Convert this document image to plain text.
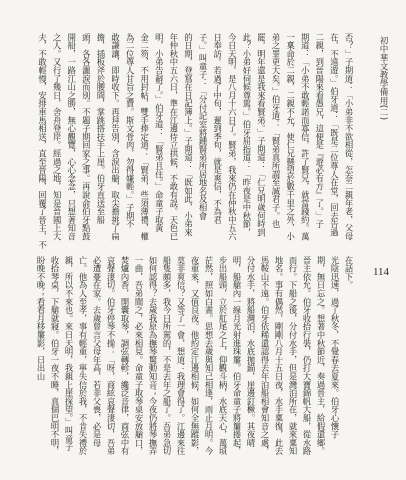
初中華文教學備用(二)
114
否？」子期道：「小弟非不欲相從，怎奈二親年老，父母
在，不遠遊。」伯牙道：「既是二位尊人在堂，回去告過
二親，到晉陽來看愚兄，這便是『遊必有方』了。」子
期道：「小弟不敢輕諾而寡信，許了賢兄，就當踐約。萬
一稟命於二親，二親不允，使仁兄懸望於數千里之外，小
弟之罪更大矣。」伯牙道：「賢弟真所謂至誠君子。也
罷，明年還是我來看賢弟。」子期道：「仁兄明歲何時到
此？小弟好伺候尊駕。」伯牙屈指道：「昨夜是中秋節，
今日天明，是八月十六日了。賢弟，我來仍在仲秋中五六
日奉訪。若過了中旬，遲到季旬，就是爽信，不為君
子。」叫童子：「分付記室將鍾賢弟所居地名及相會
的日期，登寫在日記簿上。」子期道：「既如此，小弟來
年仲秋中五六日，準在江邊侍立拱候，不敢有誤。天色已
明，小弟告辭了。」伯牙道：「賢弟且住。」命童子取黃
金二笏，不用封帖，雙手捧定道：「賢弟，些須薄禮，權
為二位尊人甘旨之費。斯文骨肉，勿得嫌輕。」子期不
敢謙讓，即時收下。再拜告別，含淚出艙，取尖擔挑了扁
擔，插板斧於腰間，掌跳搭扶手上崖。伯牙直送至船
頭，各各灑淚而別。不題子期回家之事。再說俞伯牙點鼓
開船，一路江山之勝，無心觀覽，心心念念，只想著知音
之人。又行了幾日，舍舟登岸。經過之地，知是晉國上大
夫，不敢輕慢，安排車馬相送，直至晉陽，回覆了晉主，不
在話下。
光陰迅速，過了秋冬，不覺春去夏來。伯牙心懷子
期，無日忘之。想著中秋節近，奏過晉主，給假還鄉。
晉主依允。伯牙收拾行裝，仍打大寶錦帆大船，從水路
而行。下船之後，分付水手，但是灣泊所在，就來稟知
地名。事有偶然，剛剛八月十五日夜，水手稟復，此去
馬鞍山不遠。伯牙依稀還認得去年泊船相會知音之處，
分付水手，將船灣泊，水底拋錨，崖邊釘橛。其夜晴
明，船艙內一線月光射進珠簾。伯牙命童子將簾捲起，
步出船頭，立於舡尾之上，仰觀斗柄，水底天心，萬頃
茫然，照如白晝。思想去歲與知己相逢，雨止月明。今
夜重來，又值良夜。他約定江邊相候，如何全無蹤影，
莫非爽信？又等了一會，想道：我理會得了。江邊來往
船隻頗多，我今日所駕的，不是去年之船了。吾弟急切
如何認得？去歲我原為撫琴驚動知音；今夜仍將琴撫弄
一曲，吾弟聞之，必來相見。命童子取琴桌安放艙口，
焚爐內香，開囊取琴，調弦轉軫，纔泛音律，商弦中有
哀聲淒切。伯牙停琴不操：「呀，商絃哀聲淒切，吾弟
必遭憂在家。去歲曾言父母年高，若非父喪，必是母
亡。他為人至孝，事有輕重，寧失信於我，不肯失禮於
親，所以不來也。來日天明，我親上崖探望。」叫童子
收拾琴桌，下艙就寢。伯牙一夜不睡，真個巴明不明，
盼晚不晚；看看月移簾影，日出山
